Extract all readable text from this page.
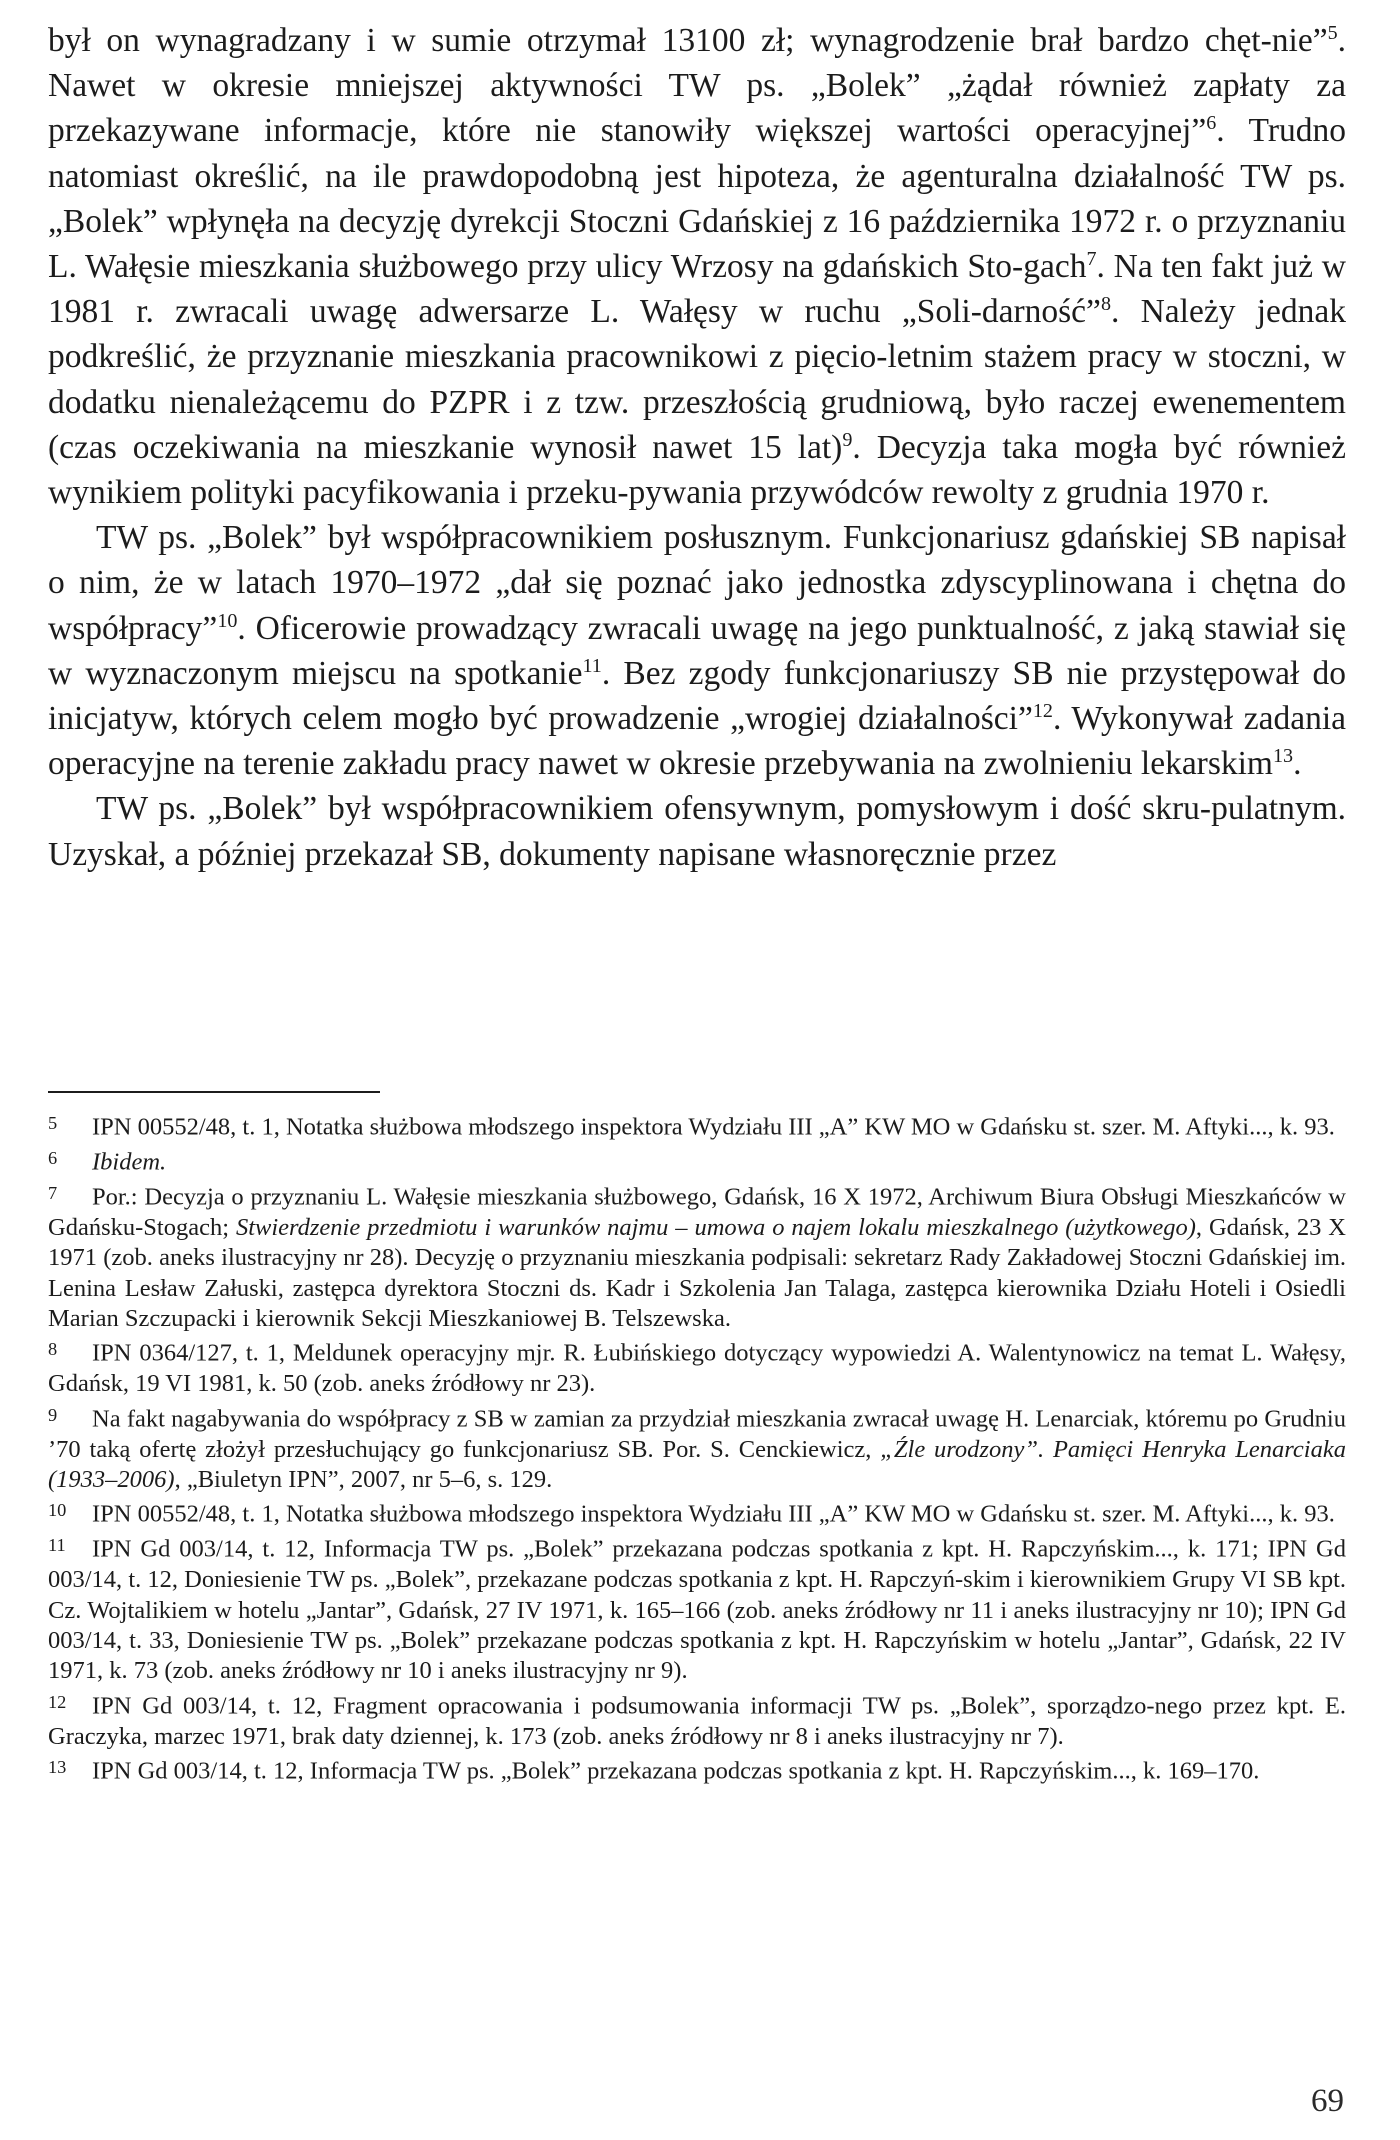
był on wynagradzany i w sumie otrzymał 13100 zł; wynagrodzenie brał bardzo chęt-nie”$^5$. Nawet w okresie mniejszej aktywności TW ps. „Bolek” „żądał również zapłaty za przekazywane informacje, które nie stanowiły większej wartości operacyjnej”$^6$. Trudno natomiast określić, na ile prawdopodobną jest hipoteza, że agenturalna działalność TW ps. „Bolek” wpłynęła na decyzję dyrekcji Stoczni Gdańskiej z 16 października 1972 r. o przyznaniu L. Wałęsie mieszkania służbowego przy ulicy Wrzosy na gdańskich Sto-gach$^7$. Na ten fakt już w 1981 r. zwracali uwagę adwersarze L. Wałęsy w ruchu „Soli-darność”$^8$. Należy jednak podkreślić, że przyznanie mieszkania pracownikowi z pięcio-letnim stażem pracy w stoczni, w dodatku nienależącemu do PZPR i z tzw. przeszłością grudniową, było raczej ewenementem (czas oczekiwania na mieszkanie wynosił nawet 15 lat)$^9$. Decyzja taka mogła być również wynikiem polityki pacyfikowania i przeku-pywania przywódców rewolty z grudnia 1970 r.

TW ps. „Bolek” był współpracownikiem posłusznym. Funkcjonariusz gdańskiej SB napisał o nim, że w latach 1970–1972 „dał się poznać jako jednostka zdyscyplinowana i chętna do współpracy”$^{10}$. Oficerowie prowadzący zwracali uwagę na jego punktualność, z jaką stawiał się w wyznaczonym miejscu na spotkanie$^{11}$. Bez zgody funkcjonariuszy SB nie przystępował do inicjatyw, których celem mogło być prowadzenie „wrogiej działalności”$^{12}$. Wykonywał zadania operacyjne na terenie zakładu pracy nawet w okresie przebywania na zwolnieniu lekarskim$^{13}$.

TW ps. „Bolek” był współpracownikiem ofensywnym, pomysłowym i dość skru-pulatnym. Uzyskał, a później przekazał SB, dokumenty napisane własnoręcznie przez

5 IPN 00552/48, t. 1, Notatka służbowa młodszego inspektora Wydziału III „A” KW MO w Gdańsku st. szer. M. Aftyki..., k. 93.

6 Ibidem.

7 Por.: Decyzja o przyznaniu L. Wałęsie mieszkania służbowego, Gdańsk, 16 X 1972, Archiwum Biura Obsługi Mieszkańców w Gdańsku-Stogach; Stwierdzenie przedmiotu i warunków najmu – umowa o najem lokalu mieszkalnego (użytkowego), Gdańsk, 23 X 1971 (zob. aneks ilustracyjny nr 28). Decyzję o przyznaniu mieszkania podpisali: sekretarz Rady Zakładowej Stoczni Gdańskiej im. Lenina Lesław Załuski, zastępca dyrektora Stoczni ds. Kadr i Szkolenia Jan Talaga, zastępca kierownika Działu Hoteli i Osiedli Marian Szczupacki i kierownik Sekcji Mieszkaniowej B. Telszewska.

8 IPN 0364/127, t. 1, Meldunek operacyjny mjr. R. Łubińskiego dotyczący wypowiedzi A. Walentynowicz na temat L. Wałęsy, Gdańsk, 19 VI 1981, k. 50 (zob. aneks źródłowy nr 23).

9 Na fakt nagabywania do współpracy z SB w zamian za przydział mieszkania zwracał uwagę H. Lenarciak, któremu po Grudniu ’70 taką ofertę złożył przesłuchujący go funkcjonariusz SB. Por. S. Cenckiewicz, „Źle urodzony”. Pamięci Henryka Lenarciaka (1933–2006), „Biuletyn IPN”, 2007, nr 5–6, s. 129.

10 IPN 00552/48, t. 1, Notatka służbowa młodszego inspektora Wydziału III „A” KW MO w Gdańsku st. szer. M. Aftyki..., k. 93.

11 IPN Gd 003/14, t. 12, Informacja TW ps. „Bolek” przekazana podczas spotkania z kpt. H. Rapczyńskim..., k. 171; IPN Gd 003/14, t. 12, Doniesienie TW ps. „Bolek”, przekazane podczas spotkania z kpt. H. Rapczyń-skim i kierownikiem Grupy VI SB kpt. Cz. Wojtalikiem w hotelu „Jantar”, Gdańsk, 27 IV 1971, k. 165–166 (zob. aneks źródłowy nr 11 i aneks ilustracyjny nr 10); IPN Gd 003/14, t. 33, Doniesienie TW ps. „Bolek” przekazane podczas spotkania z kpt. H. Rapczyńskim w hotelu „Jantar”, Gdańsk, 22 IV 1971, k. 73 (zob. aneks źródłowy nr 10 i aneks ilustracyjny nr 9).

12 IPN Gd 003/14, t. 12, Fragment opracowania i podsumowania informacji TW ps. „Bolek”, sporządzo-nego przez kpt. E. Graczyka, marzec 1971, brak daty dziennej, k. 173 (zob. aneks źródłowy nr 8 i aneks ilustracyjny nr 7).

13 IPN Gd 003/14, t. 12, Informacja TW ps. „Bolek” przekazana podczas spotkania z kpt. H. Rapczyńskim..., k. 169–170.

69
